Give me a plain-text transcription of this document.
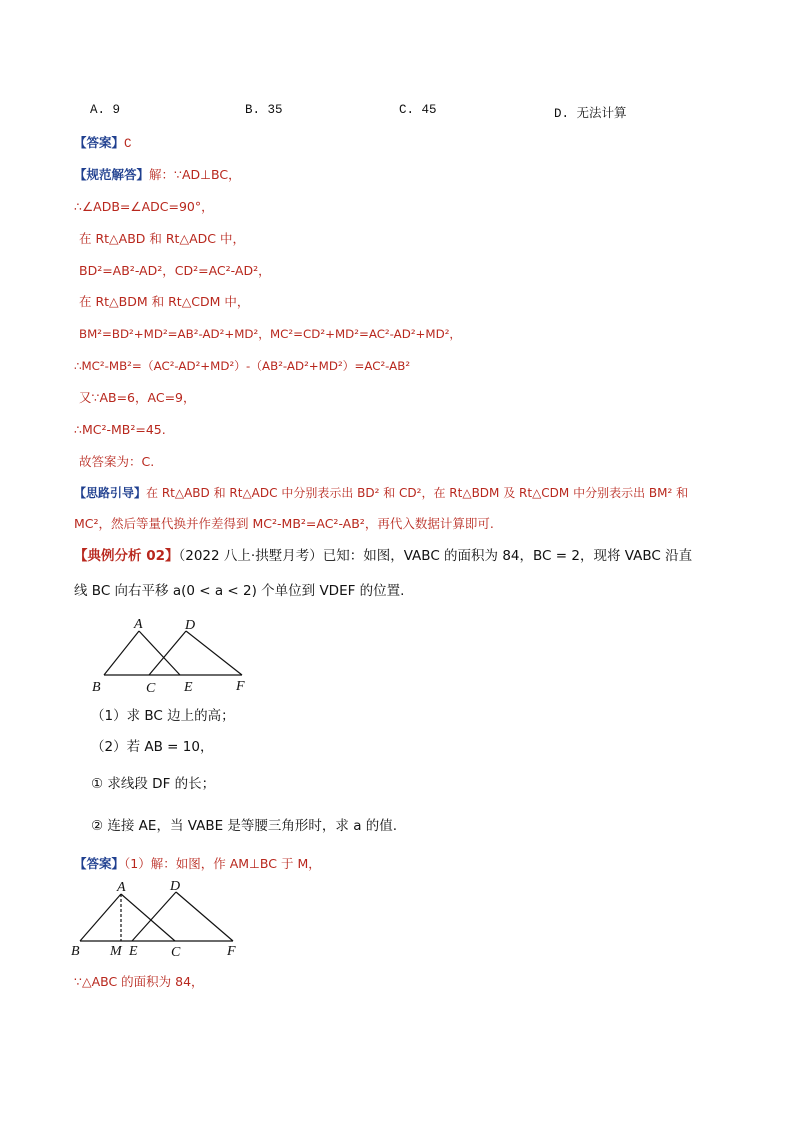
A. 9	B. 35	C. 45	D. 无法计算
【答案】C
【规范解答】解：∵AD⊥BC，
∴∠ADB=∠ADC=90°，
在 Rt△ABD 和 Rt△ADC 中，
BD²=AB²-AD²，CD²=AC²-AD²，
在 Rt△BDM 和 Rt△CDM 中，
BM²=BD²+MD²=AB²-AD²+MD²，MC²=CD²+MD²=AC²-AD²+MD²，
∴MC²-MB²=（AC²-AD²+MD²）-（AB²-AD²+MD²）=AC²-AB²
又∵AB=6，AC=9，
∴MC²-MB²=45.
故答案为：C.
【思路引导】在 Rt△ABD 和 Rt△ADC 中分别表示出 BD² 和 CD²，在 Rt△BDM 及 Rt△CDM 中分别表示出 BM² 和
MC²，然后等量代换并作差得到 MC²-MB²=AC²-AB²，再代入数据计算即可.
【典例分析 02】（2022 八上·拱墅月考）已知：如图，VABC 的面积为 84，BC = 2，现将 VABC 沿直
线 BC 向右平移 a(0 < a < 2) 个单位到 VDEF 的位置.
A	D
B	C E	F
（1）求 BC 边上的高；
（2）若 AB = 10，
① 求线段 DF 的长；
② 连接 AE，当 VABE 是等腰三角形时，求 a 的值.
【答案】（1）解：如图，作 AM⊥BC 于 M，
A	D
B M E C	F
∵△ABC 的面积为 84，
